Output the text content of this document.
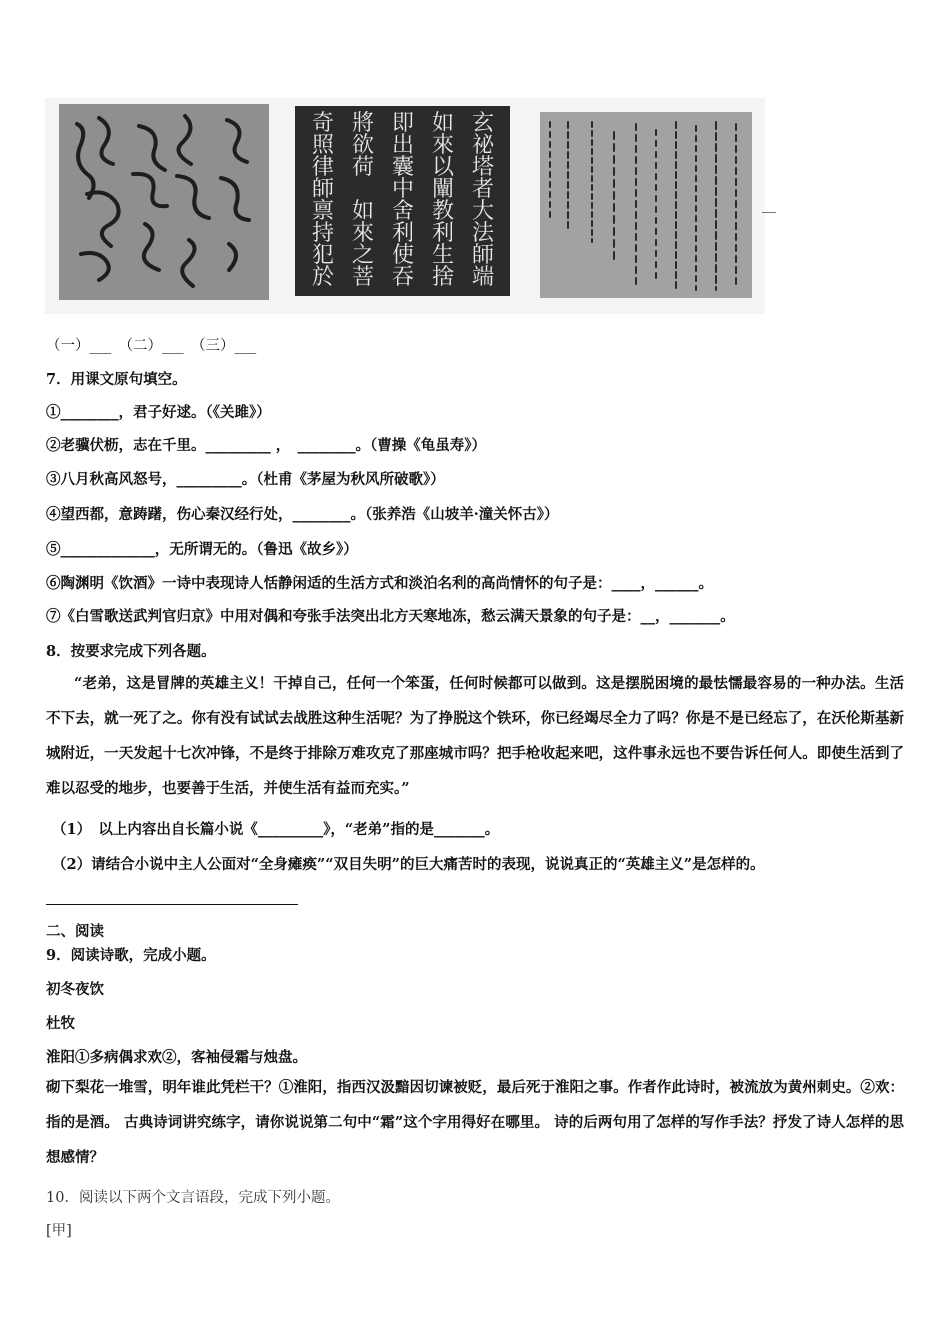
玄祕塔者大法師端
如來以闡教利生捨
即出囊中舍利使吞
將欲荷如來之菩
奇照律師禀持犯於
（一）___　（二）___　（三）___
7．用课文原句填空。
①________，君子好逑。（《关雎》）
②老骥伏枥，志在千里。_________ ，　________。（曹操《龟虽寿》）
③八月秋高风怒号，_________。（杜甫《茅屋为秋风所破歌》）
④望西都，意踌躇，伤心秦汉经行处，________。（张养浩《山坡羊·潼关怀古》）
⑤_____________，无所谓无的。（鲁迅《故乡》）
⑥陶渊明《饮酒》一诗中表现诗人恬静闲适的生活方式和淡泊名利的高尚情怀的句子是：____，______。
⑦《白雪歌送武判官归京》中用对偶和夸张手法突出北方天寒地冻，愁云满天景象的句子是：__，_______。
8．按要求完成下列各题。
“老弟，这是冒牌的英雄主义！干掉自己，任何一个笨蛋，任何时候都可以做到。这是摆脱困境的最怯懦最容易的一种办法。生活不下去，就一死了之。你有没有试试去战胜这种生活呢？为了挣脱这个铁环，你已经竭尽全力了吗？你是不是已经忘了，在沃伦斯基新城附近，一天发起十七次冲锋，不是终于排除万难攻克了那座城市吗？把手枪收起来吧，这件事永远也不要告诉任何人。即使生活到了难以忍受的地步，也要善于生活，并使生活有益而充实。”
（1）　以上内容出自长篇小说《_________》，“老弟”指的是_______。
（2）请结合小说中主人公面对“全身瘫痪”“双目失明”的巨大痛苦时的表现，说说真正的“英雄主义”是怎样的。
二、阅读
9．阅读诗歌，完成小题。
初冬夜饮
杜牧
淮阳①多病偶求欢②，客袖侵霜与烛盘。
砌下梨花一堆雪，明年谁此凭栏干？①淮阳，指西汉汲黯因切谏被贬，最后死于淮阳之事。作者作此诗时，被流放为黄州刺史。②欢：指的是酒。 古典诗词讲究练字，请你说说第二句中“霜”这个字用得好在哪里。 诗的后两句用了怎样的写作手法？抒发了诗人怎样的思想感情？
10．阅读以下两个文言语段，完成下列小题。
[甲]
